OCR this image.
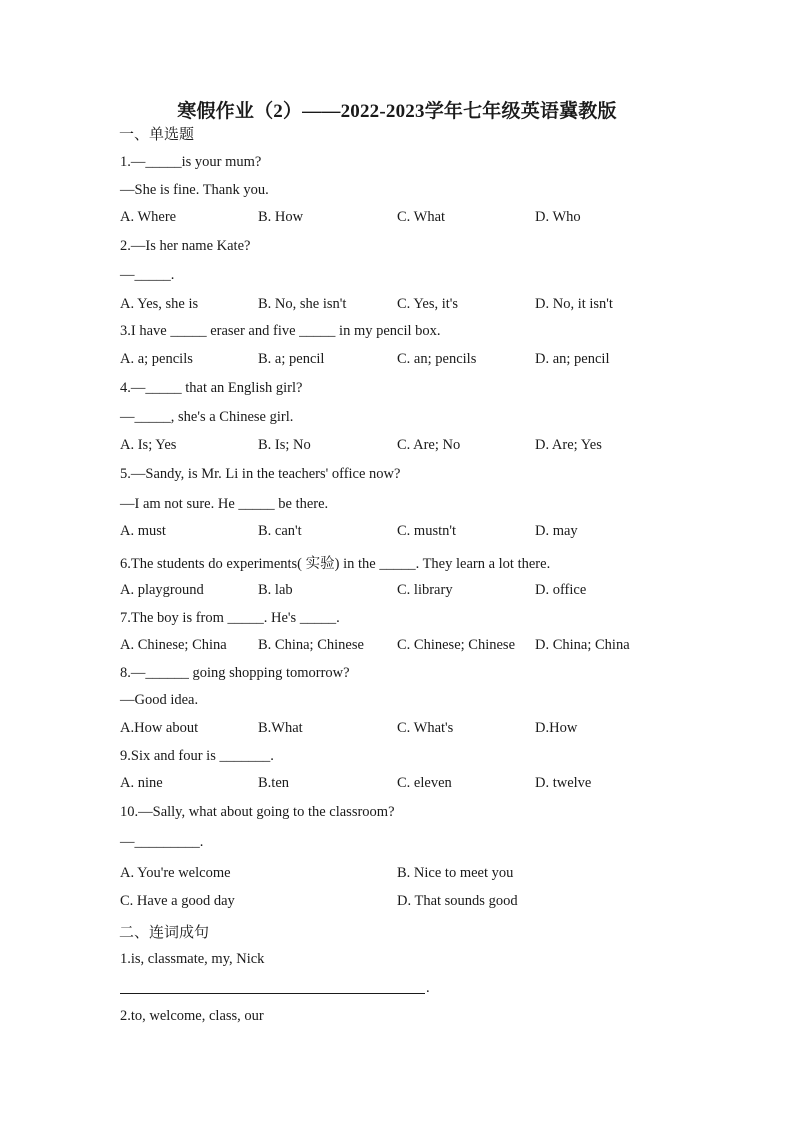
寒假作业（2）——2022-2023学年七年级英语冀教版
一、单选题
1.—_____is your mum?
—She is fine. Thank you.
A. Where	B. How	C. What	D. Who
2.—Is her name Kate?
—_____.
A. Yes, she is	B. No, she isn't	C. Yes, it's	D. No, it isn't
3.I have _____ eraser and five _____ in my pencil box.
A. a; pencils	B. a; pencil	C. an; pencils	D. an; pencil
4.—_____ that an English girl?
—_____, she's a Chinese girl.
A. Is; Yes	B. Is; No	C. Are; No	D. Are; Yes
5.—Sandy, is Mr. Li in the teachers' office now?
—I am not sure. He _____ be there.
A. must	B. can't	C. mustn't	D. may
6.The students do experiments( 实验) in the _____. They learn a lot there.
A. playground	B. lab	C. library	D. office
7.The boy is from _____. He's _____.
A. Chinese; China B. China; Chinese C. Chinese; Chinese D. China; China
8.—______ going shopping tomorrow?
—Good idea.
A.How about	B.What	C. What's	D.How
9.Six and four is _______.
A. nine	B.ten	C. eleven	D. twelve
10.—Sally, what about going to the classroom?
—_________.
A. You're welcome	B. Nice to meet you
C. Have a good day	D. That sounds good
二、连词成句
1.is, classmate, my, Nick
.
2.to, welcome, class, our
